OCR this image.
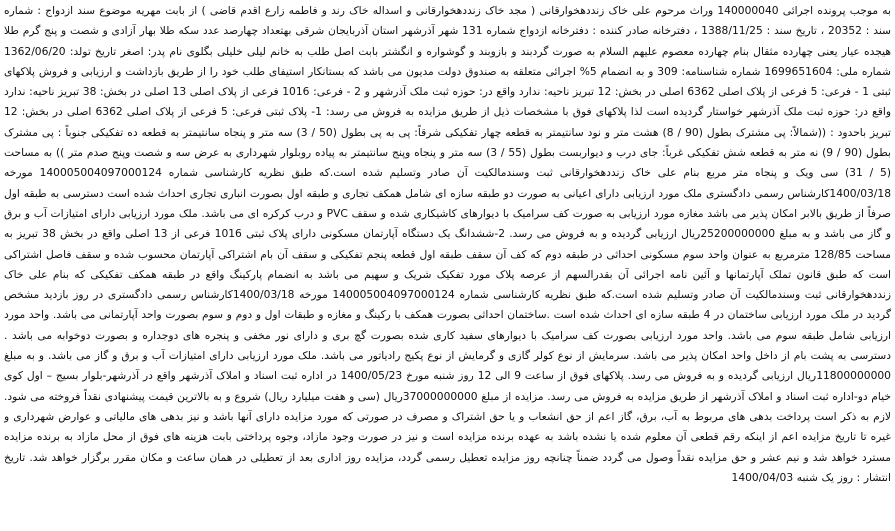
به موجب پرونده اجرائی 140000040 وراث مرحوم علی خاک زنددهخوارقانی ( مجد خاک زنددهخوارقانی و اسداله خاک رند و فاطمه زارع اقدم قاضی ) از بابت مهریه موضوع سند ازدواج : شماره سند : 20352 ، تاریخ سند : 1388/11/25 ، دفترخانه صادر کننده : دفترخانه ازدواج شماره 131 شهر آذرشهر استان آذربایجان شرقی بهتعداد چهارصد عدد سکه طلا بهار آزادی و شصت و پنج گرم طلا هیجده عیار یعنی چهارده مثقال بنام چهارده معصوم علیهم السلام به صورت گردبند و بازوبند و گوشواره و انگشتر بابت اصل طلب به خانم لیلی خلیلی بگلوی نام پدر: اصغر تاریخ تولد: 1362/06/20 شماره ملی: 1699651604 شماره شناسنامه: 309 و به انضمام 5% اجرائی متعلقه به صندوق دولت مدیون می باشد که بستانکار استیفای طلب خود را از طریق بازداشت و ارزیابی و فروش پلاکهای ثبتی 1 - فرعی: 5 فرعی از پلاک اصلی 6362 اصلی در بخش: 12 تبریز ناحیه: ندارد واقع در: حوزه ثبت ملک آذرشهر و 2 - فرعی: 1016 فرعی از پلاک اصلی 13 اصلی در بخش: 38 تبریز ناحیه: ندارد واقع در: حوزه ثبت ملک آذرشهر خواستار گردیده است لذا پلاکهای فوق با مشخصات ذیل از طریق مزایده به فروش می رسد: 1- پلاک ثبتی فرعی: 5 فرعی از پلاک اصلی 6362 اصلی در بخش: 12 تبریز باحدود : ((شمالاً: پی مشترک بطول (90 / 8) هشت متر و نود سانتیمتر به قطعه چهار تفکیکی شرقاً: پی به پی بطول (50 / 3) سه متر و پنجاه سانتیمتر به قطعه ده تفکیکی جنوباً : پی مشترک بطول (90 / 9) نه متر به قطعه شش تفکیکی غرباً: جای درب و دیواربست بطول (55 / 3) سه متر و پنجاه وپنج سانتیمتر به پیاده روبلوار شهرداری به عرض سه و شصت وپنج صدم متر )) به مساحت (5 / 31) سی ویک و پنجاه متر مربع بنام علی خاک زنددهخوارقانی ثبت وسندمالکیت آن صادر وتسلیم شده است.که طبق نظریه کارشناسی شماره 140005004097000124 مورخه 1400/03/18کارشناس رسمی دادگستری ملک مورد ارزیابی دارای اعیانی به صورت دو طبقه سازه ای شامل همکف تجاری و طبقه اول بصورت انباری تجاری احداث شده است دسترسی به طبقه اول صرفاً از طریق بالابر امکان پذیر می باشد مغازه مورد ارزیابی به صورت کف سرامیک با دیوارهای کاشیکاری شده و سقف PVC و درب کرکره ای می باشد. ملک مورد ارزیابی دارای امتیازات آب و برق و گاز می باشد و به مبلغ 25200000000ریال ارزیابی گردیده و به فروش می رسد. 2-ششدانگ یک دستگاه آپارتمان مسکونی دارای پلاک ثبتی 1016 فرعی از 13 اصلی واقع در بخش 38 تبریز به مساحت 128/85 مترمربع به عنوان واحد سوم مسکونی احداثی در طبقه دوم که کف آن سقف طبقه اول قطعه پنجم تفکیکی و سقف آن بام اشتراکی آپارتمان محسوب شده و سقف فاصل اشتراکی است که طبق قانون تملک آپارتمانها و آئین نامه اجرائی آن بقدرالسهم از عرصه پلاک مورد تفکیک شریک و سهیم می باشد به انضمام پارکینگ واقع در طبقه همکف تفکیکی که بنام علی خاک زنددهخوارقانی ثبت وسندمالکیت آن صادر وتسلیم شده است.که طبق نظریه کارشناسی شماره 140005004097000124 مورخه 1400/03/18کارشناس رسمی دادگستری در روز بازدید مشخص گردید در ملک مورد ارزیابی ساختمان در 4 طبقه سازه ای احداث شده است .ساختمان احداثی بصورت همکف با رکینگ و مغازه و طبقات اول و دوم و سوم بصورت واحد آپارتمانی می باشد. واحد مورد ارزیابی شامل طبقه سوم می باشد. واحد مورد ارزیابی بصورت کف سرامیک با دیوارهای سفید کاری شده بصورت گچ بری و دارای نور مخفی و پنجره های دوجداره و بصورت دوخوابه می باشد . دسترسی به پشت بام از داخل واحد امکان پذیر می باشد. سرمایش از نوع کولر گازی و گرمایش از نوع پکیج رادیاتور می باشد. ملک مورد ارزیابی دارای امتیازات آب و برق و گاز می باشد. و به مبلغ 11800000000ریال ارزیابی گردیده و به فروش می رسد. پلاکهای فوق از ساعت 9 الی 12 روز شنبه مورخ 1400/05/23 در اداره ثبت اسناد و املاک آذرشهر واقع در آذرشهر-بلوار بسیج – اول کوی خیام دو-اداره ثبت اسناد و املاک آذرشهر از طریق مزایده به فروش می رسد. مزایده از مبلغ 37000000000ریال (سی و هفت میلیارد ریال) شروع و به بالاترین قیمت پیشنهادی نقداً فروخته می شود. لازم به ذکر است پرداخت بدهی های مربوط به آب، برق، گاز اعم از حق انشعاب و یا حق اشتراک و مصرف در صورتی که مورد مزایده دارای آنها باشد و نیز بدهی های مالیاتی و عوارض شهرداری و غیره تا تاریخ مزایده اعم از اینکه رقم قطعی آن معلوم شده یا نشده باشد به عهده برنده مزایده است و نیز در صورت وجود مازاد، وجوه پرداختی بابت هزینه های فوق از محل مازاد به برنده مزایده مسترد خواهد شد و نیم عشر و حق مزایده نقداً وصول می گردد ضمناً چنانچه روز مزایده تعطیل رسمی گردد، مزایده روز اداری بعد از تعطیلی در همان ساعت و مکان مقرر برگزار خواهد شد. تاریخ انتشار : روز یک شنبه 1400/04/03
